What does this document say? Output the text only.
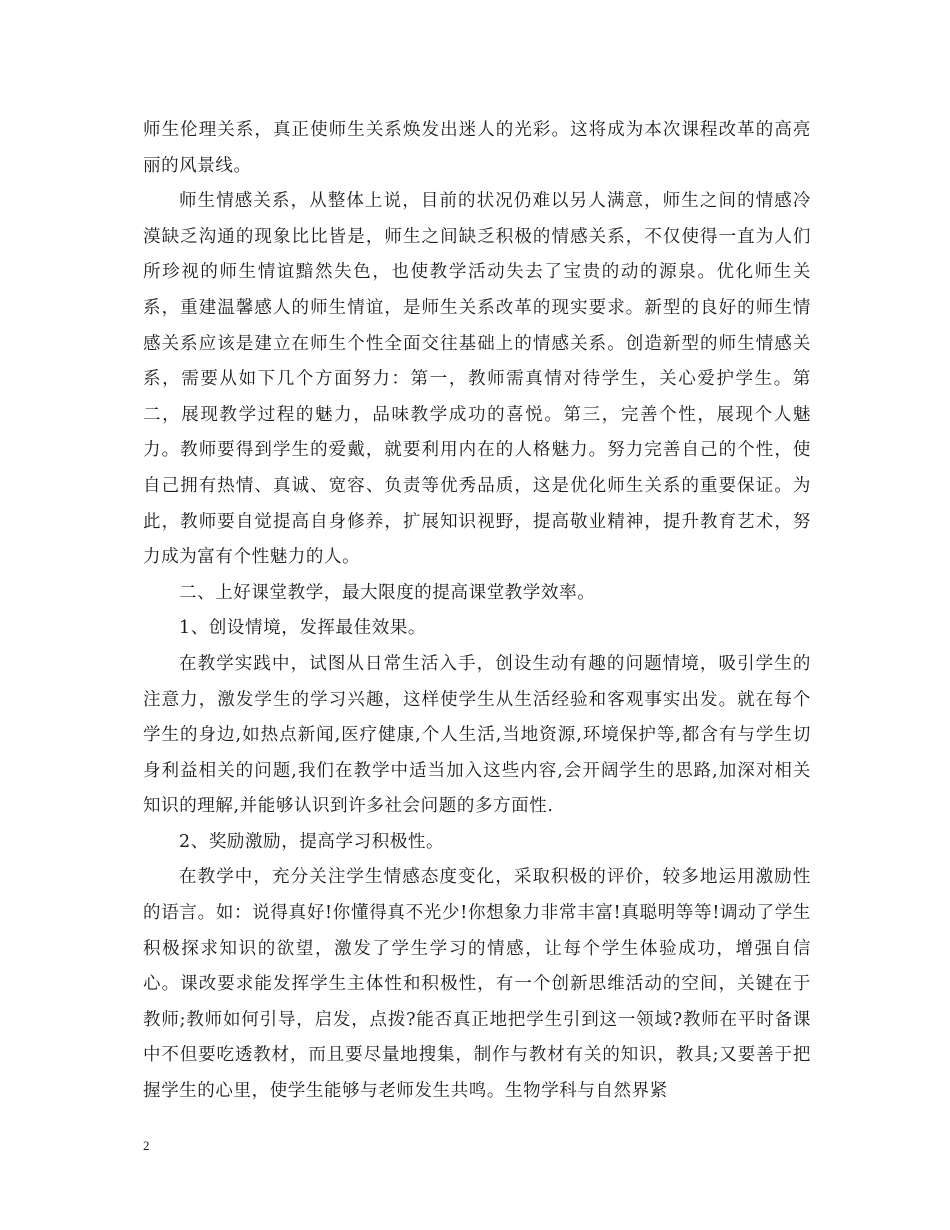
师生伦理关系，真正使师生关系焕发出迷人的光彩。这将成为本次课程改革的高亮丽的风景线。

师生情感关系，从整体上说，目前的状况仍难以另人满意，师生之间的情感冷漠缺乏沟通的现象比比皆是，师生之间缺乏积极的情感关系，不仅使得一直为人们所珍视的师生情谊黯然失色，也使教学活动失去了宝贵的动的源泉。优化师生关系，重建温馨感人的师生情谊，是师生关系改革的现实要求。新型的良好的师生情感关系应该是建立在师生个性全面交往基础上的情感关系。创造新型的师生情感关系，需要从如下几个方面努力：第一，教师需真情对待学生，关心爱护学生。第二，展现教学过程的魅力，品味教学成功的喜悦。第三，完善个性，展现个人魅力。教师要得到学生的爱戴，就要利用内在的人格魅力。努力完善自己的个性，使自己拥有热情、真诚、宽容、负责等优秀品质，这是优化师生关系的重要保证。为此，教师要自觉提高自身修养，扩展知识视野，提高敬业精神，提升教育艺术，努力成为富有个性魅力的人。

二、上好课堂教学，最大限度的提高课堂教学效率。

1、创设情境，发挥最佳效果。

在教学实践中，试图从日常生活入手，创设生动有趣的问题情境，吸引学生的注意力，激发学生的学习兴趣，这样使学生从生活经验和客观事实出发。就在每个学生的身边,如热点新闻,医疗健康,个人生活,当地资源,环境保护等,都含有与学生切身利益相关的问题,我们在教学中适当加入这些内容,会开阔学生的思路,加深对相关知识的理解,并能够认识到许多社会问题的多方面性.

2、奖励激励，提高学习积极性。

在教学中，充分关注学生情感态度变化，采取积极的评价，较多地运用激励性的语言。如：说得真好!你懂得真不光少!你想象力非常丰富!真聪明等等!调动了学生积极探求知识的欲望，激发了学生学习的情感，让每个学生体验成功，增强自信心。课改要求能发挥学生主体性和积极性，有一个创新思维活动的空间，关键在于教师;教师如何引导，启发，点拨?能否真正地把学生引到这一领域?教师在平时备课中不但要吃透教材，而且要尽量地搜集，制作与教材有关的知识，教具;又要善于把握学生的心里，使学生能够与老师发生共鸣。生物学科与自然界紧

2
